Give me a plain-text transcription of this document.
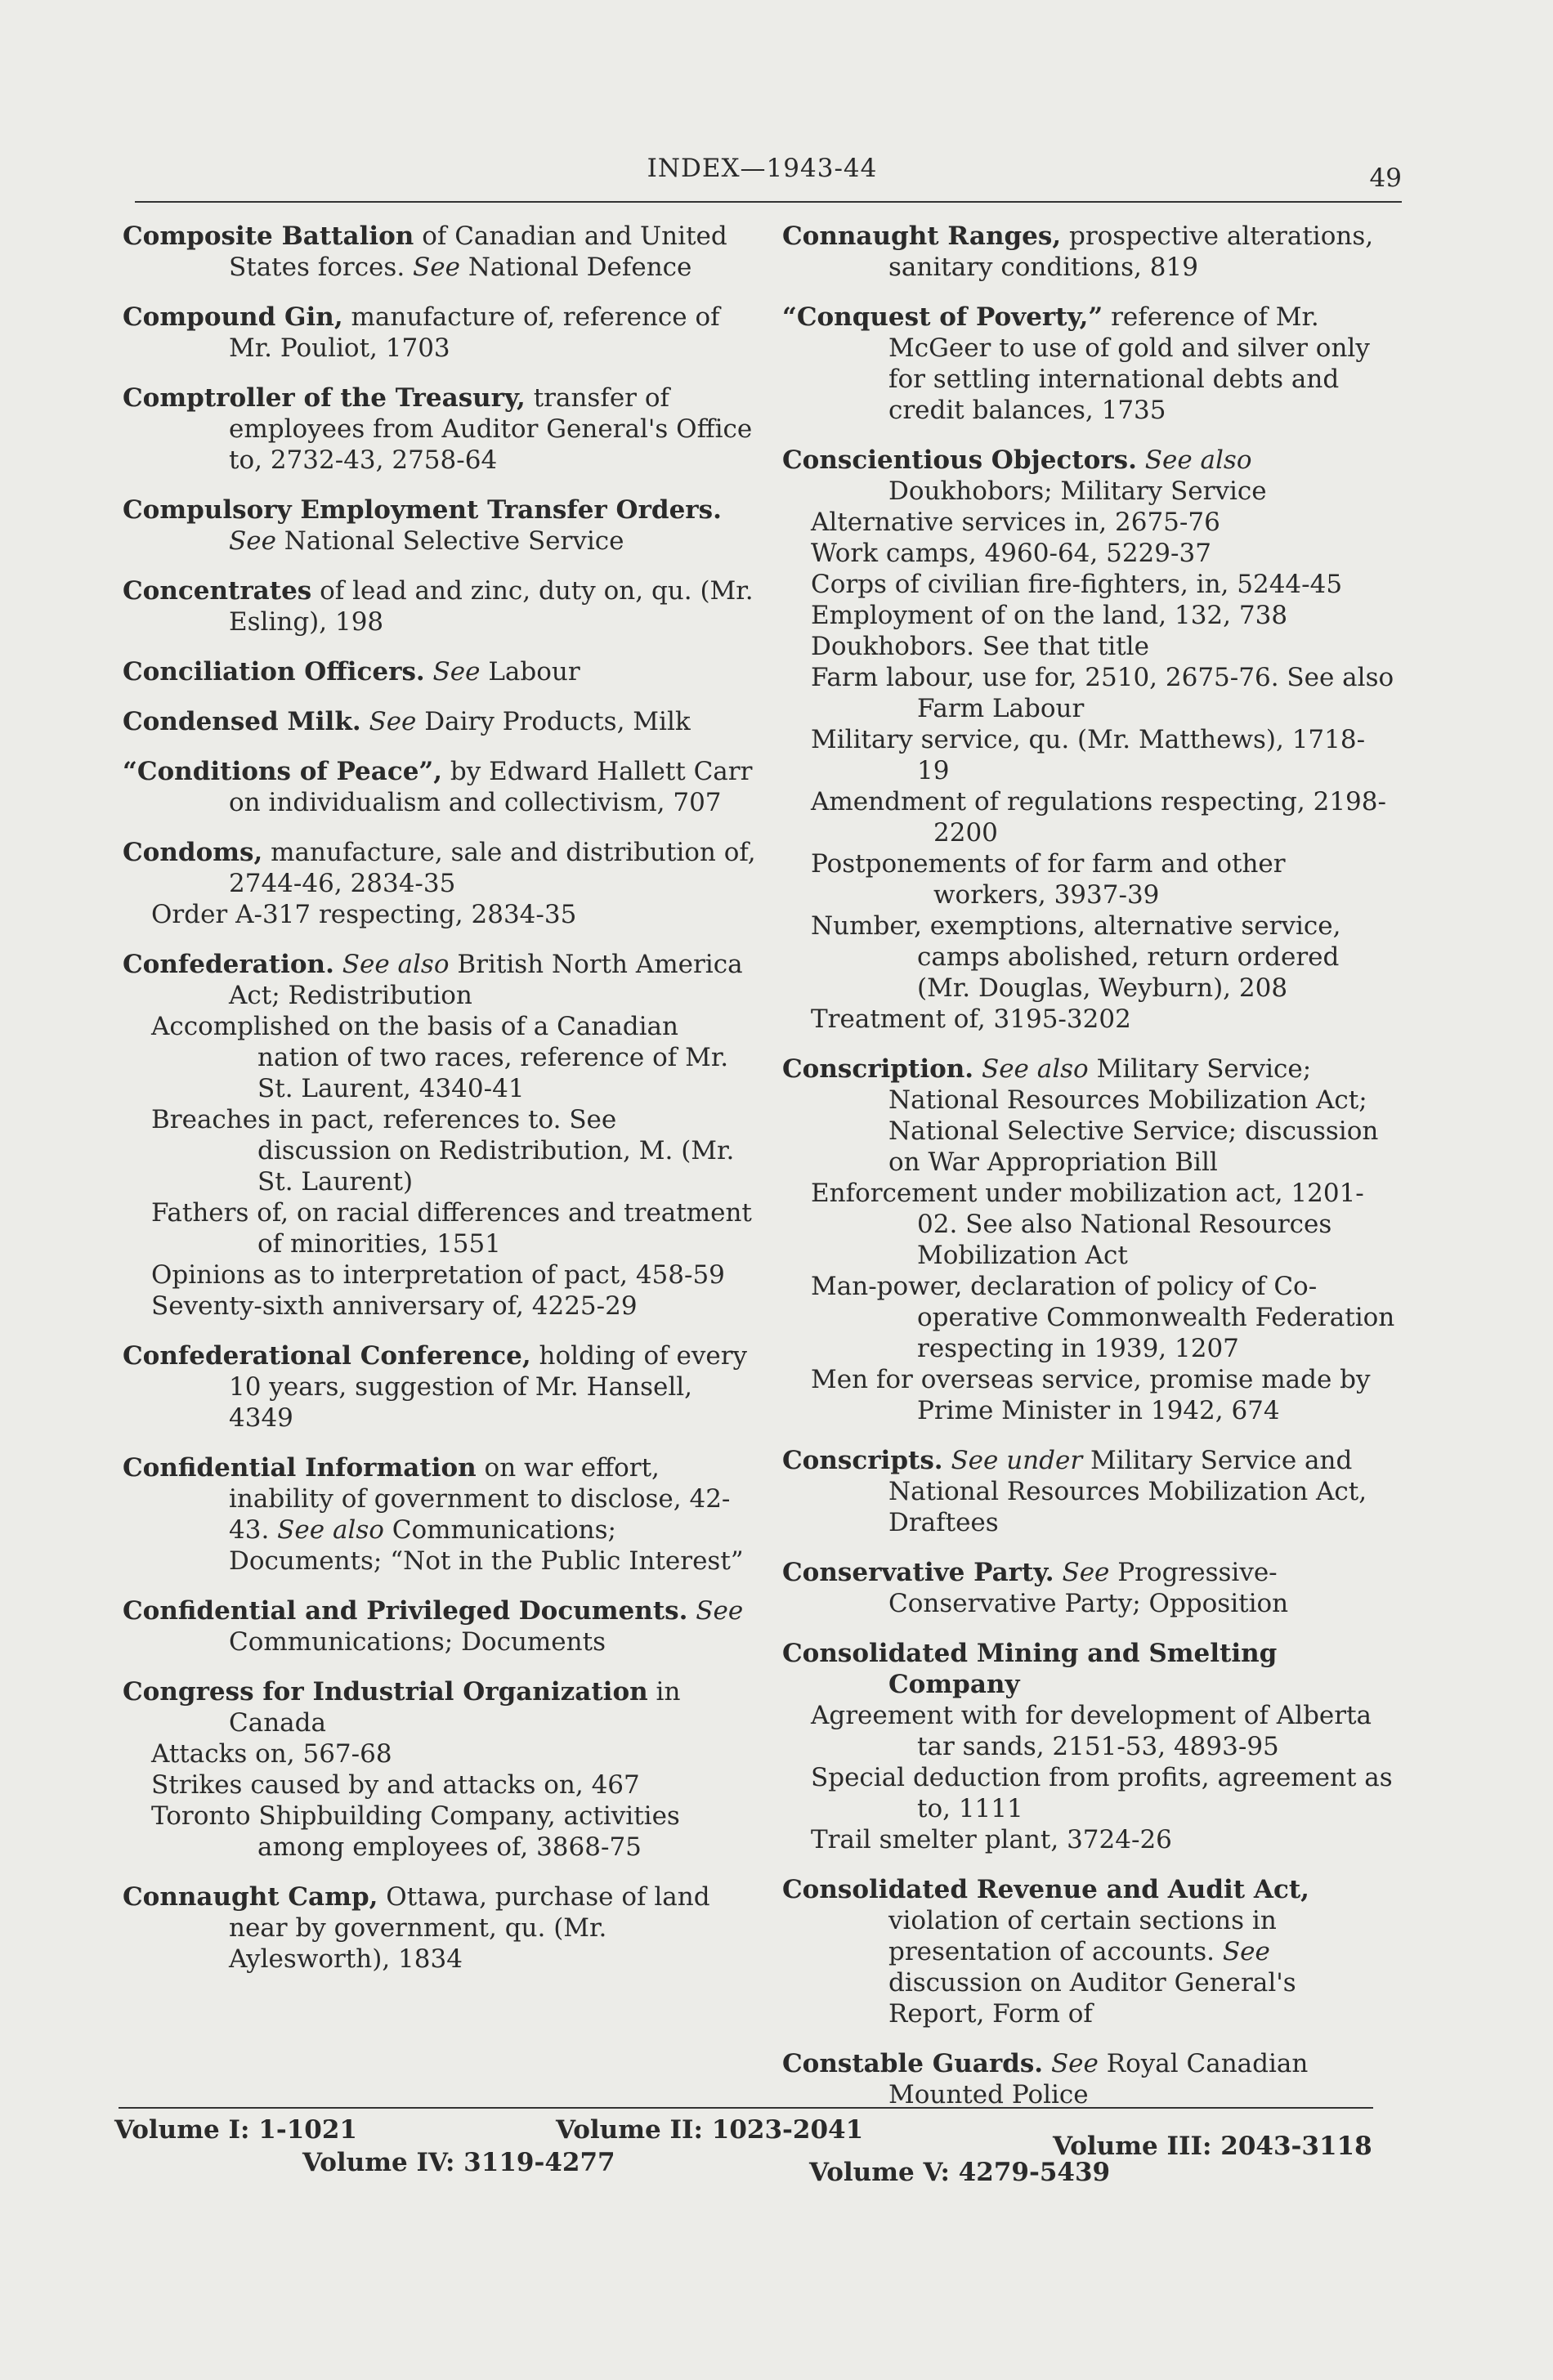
INDEX—1943-44	49
Composite Battalion of Canadian and United States forces. See National Defence
Compound Gin, manufacture of, reference of Mr. Pouliot, 1703
Comptroller of the Treasury, transfer of employees from Auditor General's Office to, 2732-43, 2758-64
Compulsory Employment Transfer Orders. See National Selective Service
Concentrates of lead and zinc, duty on, qu. (Mr. Esling), 198
Conciliation Officers. See Labour
Condensed Milk. See Dairy Products, Milk
“Conditions of Peace”, by Edward Hallett Carr on individualism and collectivism, 707
Condoms, manufacture, sale and distribution of, 2744-46, 2834-35
Order A-317 respecting, 2834-35
Confederation. See also British North America Act; Redistribution
Accomplished on the basis of a Canadian nation of two races, reference of Mr. St. Laurent, 4340-41
Breaches in pact, references to. See discussion on Redistribution, M. (Mr. St. Laurent)
Fathers of, on racial differences and treatment of minorities, 1551
Opinions as to interpretation of pact, 458-59
Seventy-sixth anniversary of, 4225-29
Confederational Conference, holding of every 10 years, suggestion of Mr. Hansell, 4349
Confidential Information on war effort, inability of government to disclose, 42-43. See also Communications; Documents; “Not in the Public Interest”
Confidential and Privileged Documents. See Communications; Documents
Congress for Industrial Organization in Canada
Attacks on, 567-68
Strikes caused by and attacks on, 467
Toronto Shipbuilding Company, activities among employees of, 3868-75
Connaught Camp, Ottawa, purchase of land near by government, qu. (Mr. Aylesworth), 1834
Connaught Ranges, prospective alterations, sanitary conditions, 819
“Conquest of Poverty,” reference of Mr. McGeer to use of gold and silver only for settling international debts and credit balances, 1735
Conscientious Objectors. See also Doukhobors; Military Service
Alternative services in, 2675-76
Work camps, 4960-64, 5229-37
Corps of civilian fire-fighters, in, 5244-45
Employment of on the land, 132, 738
Doukhobors. See that title
Farm labour, use for, 2510, 2675-76. See also Farm Labour
Military service, qu. (Mr. Matthews), 1718-19
Amendment of regulations respecting, 2198-2200
Postponements of for farm and other workers, 3937-39
Number, exemptions, alternative service, camps abolished, return ordered (Mr. Douglas, Weyburn), 208
Treatment of, 3195-3202
Conscription. See also Military Service; National Resources Mobilization Act; National Selective Service; discussion on War Appropriation Bill
Enforcement under mobilization act, 1201-02. See also National Resources Mobilization Act
Man-power, declaration of policy of Co-operative Commonwealth Federation respecting in 1939, 1207
Men for overseas service, promise made by Prime Minister in 1942, 674
Conscripts. See under Military Service and National Resources Mobilization Act, Draftees
Conservative Party. See Progressive-Conservative Party; Opposition
Consolidated Mining and Smelting Company
Agreement with for development of Alberta tar sands, 2151-53, 4893-95
Special deduction from profits, agreement as to, 1111
Trail smelter plant, 3724-26
Consolidated Revenue and Audit Act, violation of certain sections in presentation of accounts. See discussion on Auditor General's Report, Form of
Constable Guards. See Royal Canadian Mounted Police
Volume I: 1-1021	Volume II: 1023-2041
Volume III: 2043-3118
Volume IV: 3119-4277	Volume V: 4279-5439
